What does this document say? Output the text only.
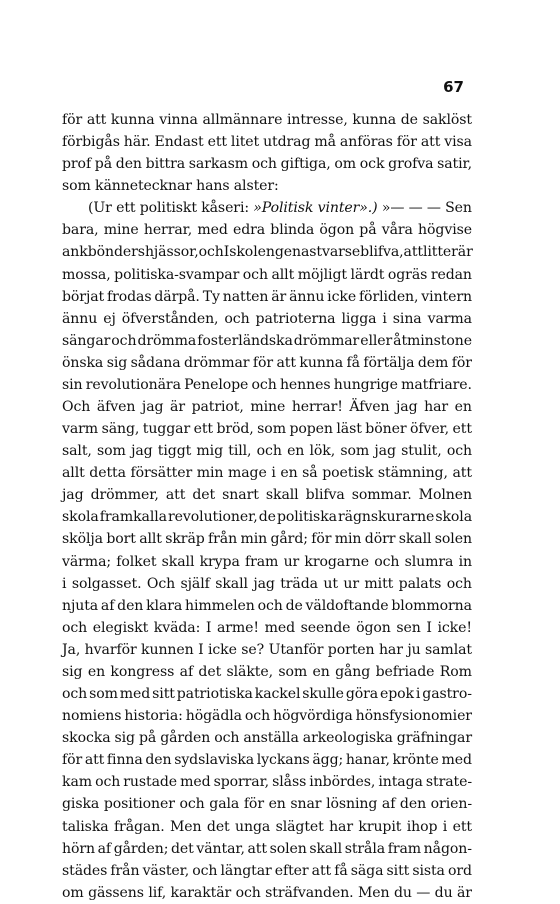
67
för att kunna vinna allmännare intresse, kunna de saklöst
förbigås här. Endast ett litet utdrag må anföras för att visa
prof på den bittra sarkasm och giftiga, om ock grofva satir,
som kännetecknar hans alster:
(Ur ett politiskt kåseri: »Politisk vinter».) »— — — Sen
bara, mine herrar, med edra blinda ögon på våra högvise
ankbönders hjässor, och I skolen genast varseblifva, att litterär
mossa, politiska-svampar och allt möjligt lärdt ogräs redan
börjat frodas därpå. Ty natten är ännu icke förliden, vintern
ännu ej öfverstånden, och patrioterna ligga i sina varma
sängar och drömma fosterländska drömmar eller åtminstone
önska sig sådana drömmar för att kunna få förtälja dem för
sin revolutionära Penelope och hennes hungrige matfriare.
Och äfven jag är patriot, mine herrar! Äfven jag har en
varm säng, tuggar ett bröd, som popen läst böner öfver, ett
salt, som jag tiggt mig till, och en lök, som jag stulit, och
allt detta försätter min mage i en så poetisk stämning, att
jag drömmer, att det snart skall blifva sommar. Molnen
skola framkalla revolutioner, de politiska rägnskurarne skola
skölja bort allt skräp från min gård; för min dörr skall solen
värma; folket skall krypa fram ur krogarne och slumra in
i solgasset. Och själf skall jag träda ut ur mitt palats och
njuta af den klara himmelen och de väldoftande blommorna
och elegiskt kväda: I arme! med seende ögon sen I icke!
Ja, hvarför kunnen I icke se? Utanför porten har ju samlat
sig en kongress af det släkte, som en gång befriade Rom
och som med sitt patriotiska kackel skulle göra epok i gastro-
nomiens historia: högädla och högvördiga hönsfysionomier
skocka sig på gården och anställa arkeologiska gräfningar
för att finna den sydslaviska lyckans ägg; hanar, krönte med
kam och rustade med sporrar, slåss inbördes, intaga strate-
giska positioner och gala för en snar lösning af den orien-
taliska frågan. Men det unga slägtet har krupit ihop i ett
hörn af gården; det väntar, att solen skall stråla fram någon-
städes från väster, och längtar efter att få säga sitt sista ord
om gässens lif, karaktär och sträfvanden. Men du — du är
